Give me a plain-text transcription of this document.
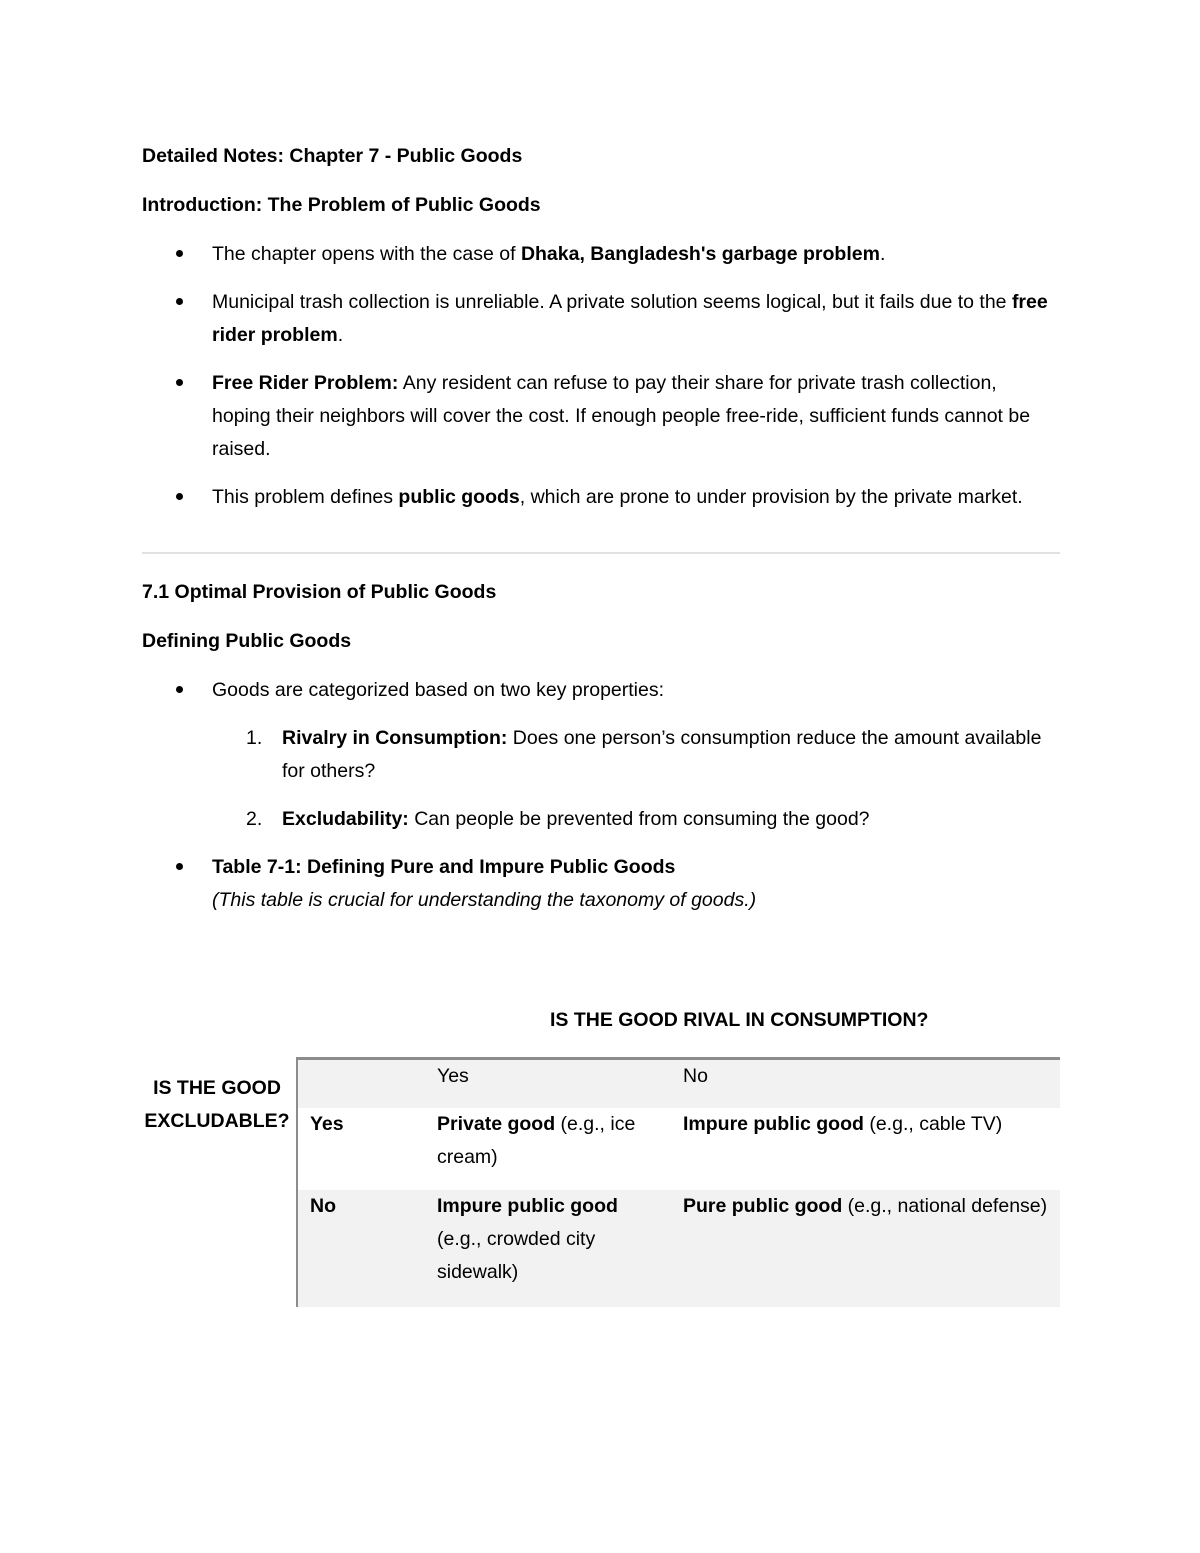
Detailed Notes: Chapter 7 - Public Goods

Introduction: The Problem of Public Goods

The chapter opens with the case of Dhaka, Bangladesh's garbage problem.
Municipal trash collection is unreliable. A private solution seems logical, but it fails due to the free rider problem.
Free Rider Problem: Any resident can refuse to pay their share for private trash collection, hoping their neighbors will cover the cost. If enough people free-ride, sufficient funds cannot be raised.
This problem defines public goods, which are prone to under provision by the private market.

7.1 Optimal Provision of Public Goods

Defining Public Goods

Goods are categorized based on two key properties:
1. Rivalry in Consumption: Does one person’s consumption reduce the amount available for others?
2. Excludability: Can people be prevented from consuming the good?
Table 7-1: Defining Pure and Impure Public Goods
(This table is crucial for understanding the taxonomy of goods.)
IS THE GOOD RIVAL IN CONSUMPTION?
IS THE GOOD EXCLUDABLE?
	Yes	No
Yes	Private good (e.g., ice cream)	Impure public good (e.g., cable TV)
No	Impure public good (e.g., crowded city sidewalk)	Pure public good (e.g., national defense)
